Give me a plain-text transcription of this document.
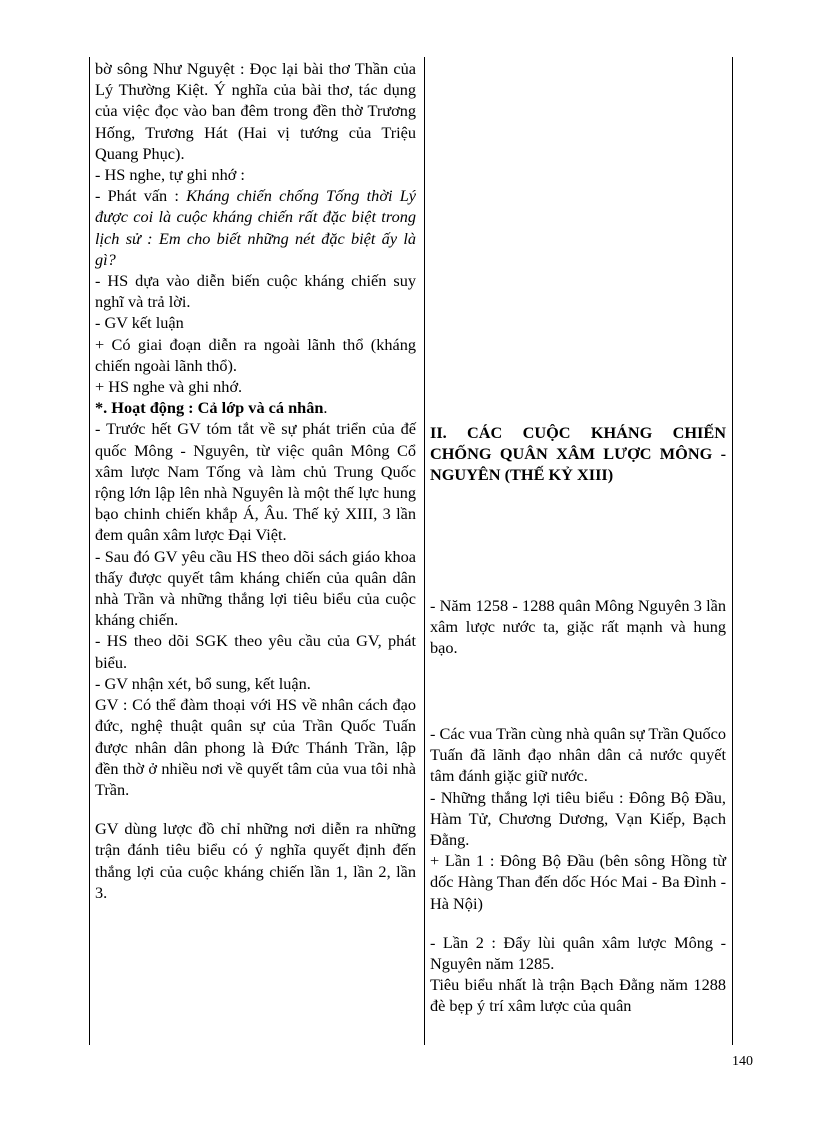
bờ sông Như Nguyệt : Đọc lại bài thơ Thần của Lý Thường Kiệt. Ý nghĩa của bài thơ, tác dụng của việc đọc vào ban đêm trong đền thờ Trương Hống, Trương Hát (Hai vị tướng của Triệu Quang Phục).

- HS nghe, tự ghi nhớ :

- Phát vấn : Kháng chiến chống Tống thời Lý được coi là cuộc kháng chiến rất đặc biệt trong lịch sử : Em cho biết những nét đặc biệt ấy là gì?

- HS dựa vào diễn biến cuộc kháng chiến suy nghĩ và trả lời.

- GV kết luận

+ Có giai đoạn diễn ra ngoài lãnh thổ (kháng chiến ngoài lãnh thổ).

+ HS nghe và ghi nhớ.

*. Hoạt động : Cả lớp và cá nhân.

- Trước hết GV tóm tắt về sự phát triển của đế quốc Mông - Nguyên, từ việc quân Mông Cổ xâm lược Nam Tống và làm chủ Trung Quốc rộng lớn lập lên nhà Nguyên là một thế lực hung bạo chinh chiến khắp Á, Âu. Thế kỷ XIII, 3 lần đem quân xâm lược Đại Việt.

- Sau đó GV yêu cầu HS theo dõi sách giáo khoa thấy được quyết tâm kháng chiến của quân dân nhà Trần và những thắng lợi tiêu biểu của cuộc kháng chiến.

- HS theo dõi SGK theo yêu cầu của GV, phát biểu.

- GV nhận xét, bổ sung, kết luận.

GV : Có thể đàm thoại với HS về nhân cách đạo đức, nghệ thuật quân sự của Trần Quốc Tuấn được nhân dân phong là Đức Thánh Trần, lập đền thờ ở nhiều nơi về quyết tâm của vua tôi nhà Trần.

GV dùng lược đồ chỉ những nơi diễn ra những trận đánh tiêu biểu có ý nghĩa quyết định đến thắng lợi của cuộc kháng chiến lần 1, lần 2, lần 3.

II. CÁC CUỘC KHÁNG CHIẾN CHỐNG QUÂN XÂM LƯỢC MÔNG - NGUYÊN (THẾ KỶ XIII)

- Năm 1258 - 1288 quân Mông Nguyên 3 lần xâm lược nước ta, giặc rất mạnh và hung bạo.

- Các vua Trần cùng nhà quân sự Trần Quốco Tuấn đã lãnh đạo nhân dân cả nước quyết tâm đánh giặc giữ nước.

- Những thắng lợi tiêu biểu : Đông Bộ Đầu, Hàm Tử, Chương Dương, Vạn Kiếp, Bạch Đằng.

+ Lần 1 : Đông Bộ Đầu (bên sông Hồng từ dốc Hàng Than đến dốc Hóc Mai - Ba Đình - Hà Nội)

- Lần 2 : Đẩy lùi quân xâm lược Mông - Nguyên năm 1285.

Tiêu biểu nhất là trận Bạch Đằng năm 1288 đè bẹp ý trí xâm lược của quân

140
